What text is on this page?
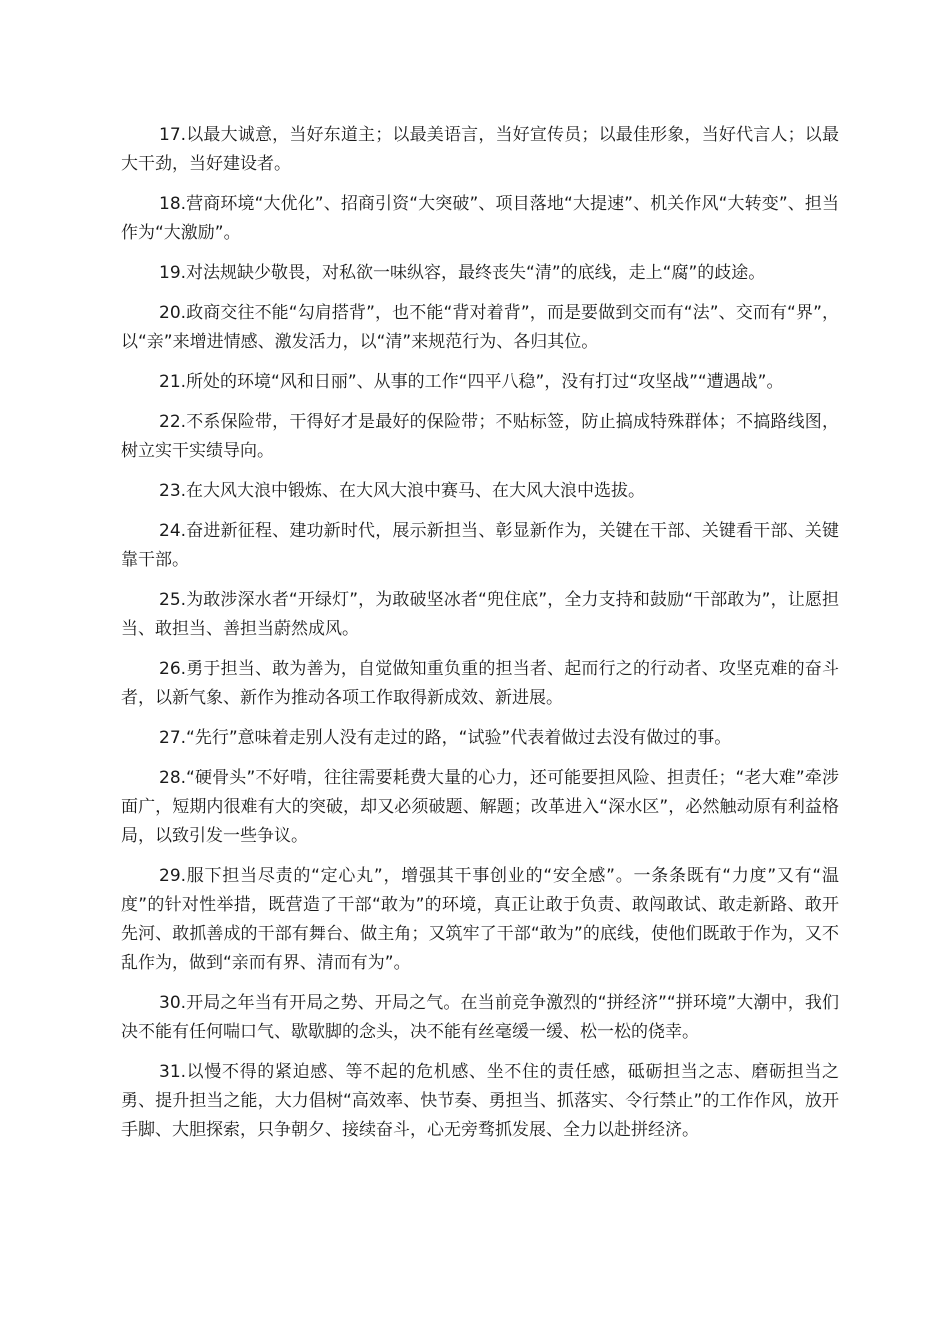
17.以最大诚意，当好东道主；以最美语言，当好宣传员；以最佳形象，当好代言人；以最大干劲，当好建设者。

18.营商环境“大优化”、招商引资“大突破”、项目落地“大提速”、机关作风“大转变”、担当作为“大激励”。

19.对法规缺少敬畏，对私欲一味纵容，最终丧失“清”的底线，走上“腐”的歧途。

20.政商交往不能“勾肩搭背”，也不能“背对着背”，而是要做到交而有“法”、交而有“界”，以“亲”来增进情感、激发活力，以“清”来规范行为、各归其位。

21.所处的环境“风和日丽”、从事的工作“四平八稳”，没有打过“攻坚战”“遭遇战”。

22.不系保险带，干得好才是最好的保险带；不贴标签，防止搞成特殊群体；不搞路线图，树立实干实绩导向。

23.在大风大浪中锻炼、在大风大浪中赛马、在大风大浪中选拔。

24.奋进新征程、建功新时代，展示新担当、彰显新作为，关键在干部、关键看干部、关键靠干部。

25.为敢涉深水者“开绿灯”，为敢破坚冰者“兜住底”，全力支持和鼓励“干部敢为”，让愿担当、敢担当、善担当蔚然成风。

26.勇于担当、敢为善为，自觉做知重负重的担当者、起而行之的行动者、攻坚克难的奋斗者，以新气象、新作为推动各项工作取得新成效、新进展。

27.“先行”意味着走别人没有走过的路，“试验”代表着做过去没有做过的事。

28.“硬骨头”不好啃，往往需要耗费大量的心力，还可能要担风险、担责任；“老大难”牵涉面广，短期内很难有大的突破，却又必须破题、解题；改革进入“深水区”，必然触动原有利益格局，以致引发一些争议。

29.服下担当尽责的“定心丸”，增强其干事创业的“安全感”。一条条既有“力度”又有“温度”的针对性举措，既营造了干部“敢为”的环境，真正让敢于负责、敢闯敢试、敢走新路、敢开先河、敢抓善成的干部有舞台、做主角；又筑牢了干部“敢为”的底线，使他们既敢于作为，又不乱作为，做到“亲而有界、清而有为”。

30.开局之年当有开局之势、开局之气。在当前竞争激烈的“拼经济”“拼环境”大潮中，我们决不能有任何喘口气、歇歇脚的念头，决不能有丝毫缓一缓、松一松的侥幸。

31.以慢不得的紧迫感、等不起的危机感、坐不住的责任感，砥砺担当之志、磨砺担当之勇、提升担当之能，大力倡树“高效率、快节奏、勇担当、抓落实、令行禁止”的工作作风，放开手脚、大胆探索，只争朝夕、接续奋斗，心无旁骛抓发展、全力以赴拼经济。
